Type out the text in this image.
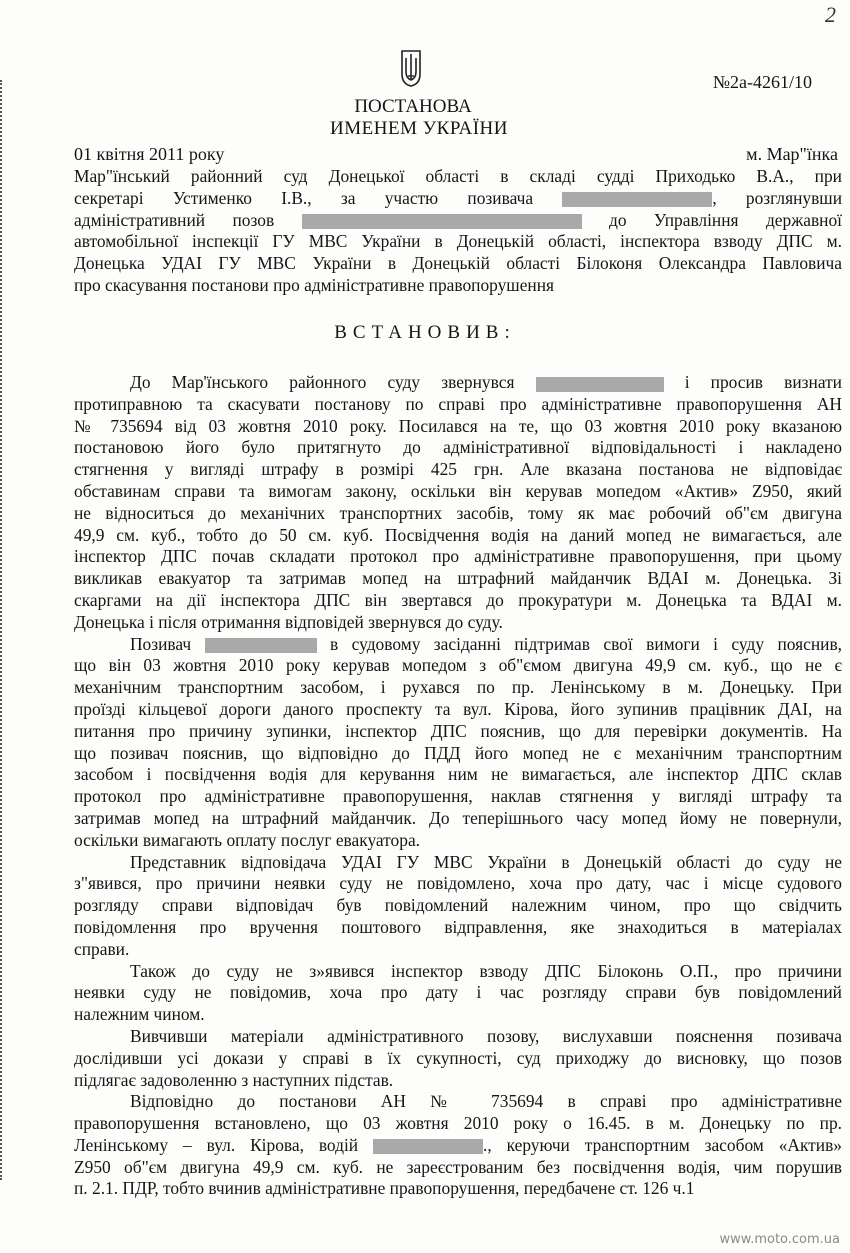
2
№2а-4261/10
ПОСТАНОВА
ИМЕНЕМ УКРАЇНИ
01 квітня 2011 року	м. Мар"їнка
Мар"їнський районний суд Донецької області в складі судді Приходько В.А., при
секретарі Устименко І.В., за участю позивача	, розглянувши
адміністративний позов	до Управління державної
автомобільної інспекції ГУ МВС України в Донецькій області, інспектора взводу ДПС м.
Донецька УДАІ ГУ МВС України в Донецькій області Білоконя Олександра Павловича
про скасування постанови про адміністративне правопорушення
ВСТАНОВИВ:
До Мар'їнського районного суду звернувся	і просив визнати
протиправною та скасувати постанову по справі про адміністративне правопорушення АН
№ 735694 від 03 жовтня 2010 року. Посилався на те, що 03 жовтня 2010 року вказаною
постановою його було притягнуто до адміністративної відповідальності і накладено
стягнення у вигляді штрафу в розмірі 425 грн. Але вказана постанова не відповідає
обставинам справи та вимогам закону, оскільки він керував мопедом «Актив» Z950, який
не відноситься до механічних транспортних засобів, тому як має робочий об"єм двигуна
49,9 см. куб., тобто до 50 см. куб. Посвідчення водія на даний мопед не вимагається, але
інспектор ДПС почав складати протокол про адміністративне правопорушення, при цьому
викликав евакуатор та затримав мопед на штрафний майданчик ВДАІ м. Донецька. Зі
скаргами на дії інспектора ДПС він звертався до прокуратури м. Донецька та ВДАІ м.
Донецька і після отримання відповідей звернувся до суду.
Позивач	в судовому засіданні підтримав свої вимоги і суду пояснив,
що він 03 жовтня 2010 року керував мопедом з об"ємом двигуна 49,9 см. куб., що не є
механічним транспортним засобом, і рухався по пр. Ленінському в м. Донецьку. При
проїзді кільцевої дороги даного проспекту та вул. Кірова, його зупинив працівник ДАІ, на
питання про причину зупинки, інспектор ДПС пояснив, що для перевірки документів. На
що позивач пояснив, що відповідно до ПДД його мопед не є механічним транспортним
засобом і посвідчення водія для керування ним не вимагається, але інспектор ДПС склав
протокол про адміністративне правопорушення, наклав стягнення у вигляді штрафу та
затримав мопед на штрафний майданчик. До теперішнього часу мопед йому не повернули,
оскільки вимагають оплату послуг евакуатора.
Представник відповідача УДАІ ГУ МВС України в Донецькій області до суду не
з"явився, про причини неявки суду не повідомлено, хоча про дату, час і місце судового
розгляду справи відповідач був повідомлений належним чином, про що свідчить
повідомлення про вручення поштового відправлення, яке знаходиться в матеріалах
справи.
Також до суду не з»явився інспектор взводу ДПС Білоконь О.П., про причини
неявки суду не повідомив, хоча про дату і час розгляду справи був повідомлений
належним чином.
Вивчивши матеріали адміністративного позову, вислухавши пояснення позивача
дослідивши усі докази у справі в їх сукупності, суд приходжу до висновку, що позов
підлягає задоволенню з наступних підстав.
Відповідно до постанови АН № 735694 в справі про адміністративне
правопорушення встановлено, що 03 жовтня 2010 року о 16.45. в м. Донецьку по пр.
Ленінському – вул. Кірова, водій	., керуючи транспортним засобом «Актив»
Z950 об"єм двигуна 49,9 см. куб. не зареєстрованим без посвідчення водія, чим порушив
п. 2.1. ПДР, тобто вчинив адміністративне правопорушення, передбачене ст. 126 ч.1
www.moto.com.ua
